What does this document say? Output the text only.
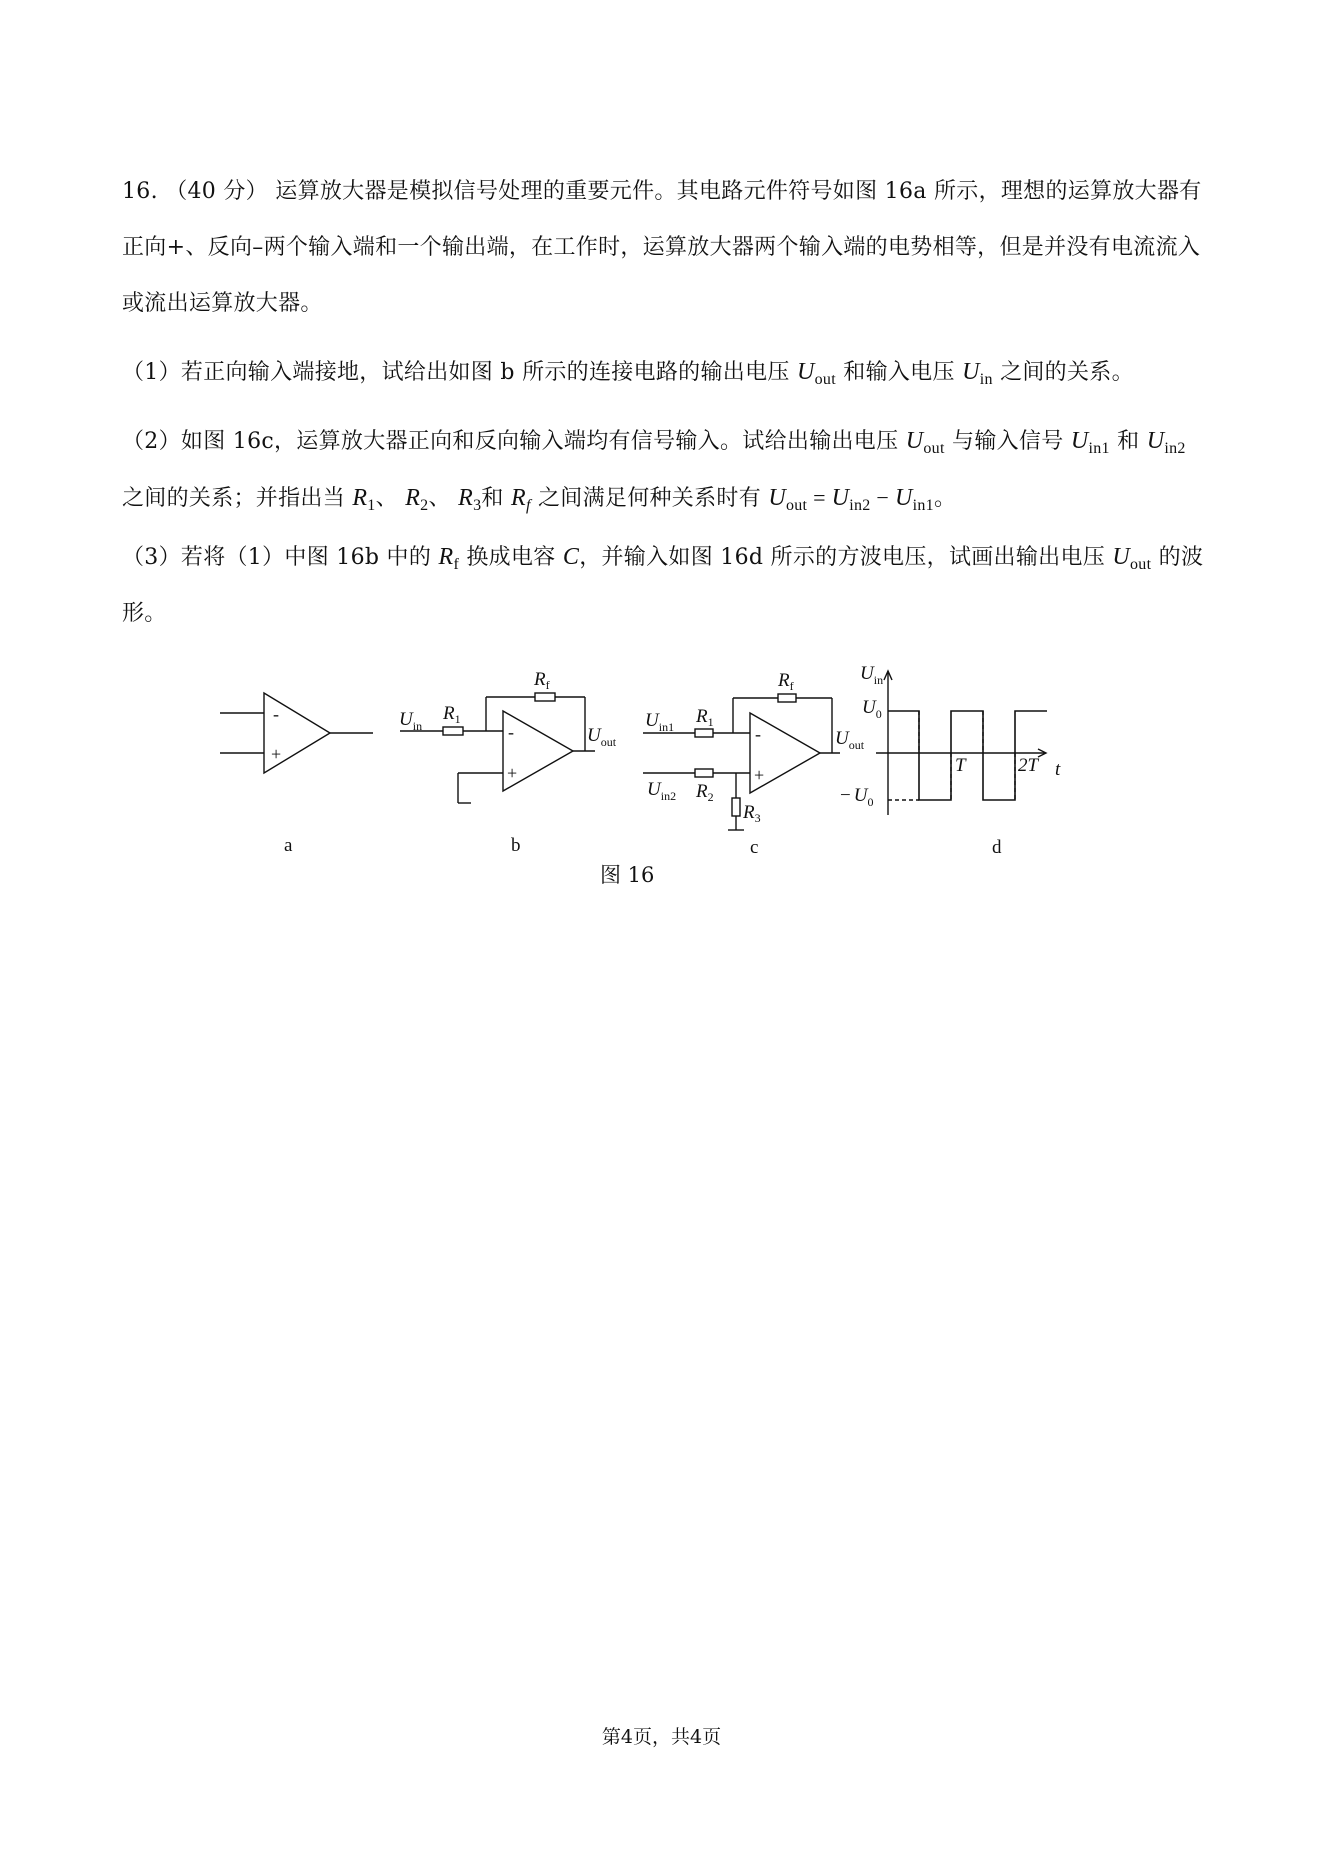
16. （40 分） 运算放大器是模拟信号处理的重要元件。其电路元件符号如图 16a 所示，理想的运算放大器有正向+、反向–两个输入端和一个输出端，在工作时，运算放大器两个输入端的电势相等，但是并没有电流流入或流出运算放大器。

（1）若正向输入端接地，试给出如图 b 所示的连接电路的输出电压 $U_{out}$ 和输入电压 $U_{in}$ 之间的关系。

（2）如图 16c，运算放大器正向和反向输入端均有信号输入。试给出输出电压 $U_{out}$ 与输入信号 $U_{in1}$ 和 $U_{in2}$ 之间的关系；并指出当 $R_1$、 $R_2$、 $R_3$和 $R_f$ 之间满足何种关系时有 $U_{out} = U_{in2} - U_{in1}$。

（3）若将（1）中图 16b 中的 $R_f$ 换成电容 C，并输入如图 16d 所示的方波电压，试画出输出电压 $U_{out}$ 的波形。

-
+
-
+
$U_{in}$
$R_1$
$R_f$
$U_{out}$	-
+
$U_{in1}$ $R_1$
$R_f$
$U_{out}$
$U_{in2}$ $R_2$
$R_3$
$U_{in}$
$U_0$
− $U_0$
T	2T t
a	b	c	d
图 16
第4页，共4页
